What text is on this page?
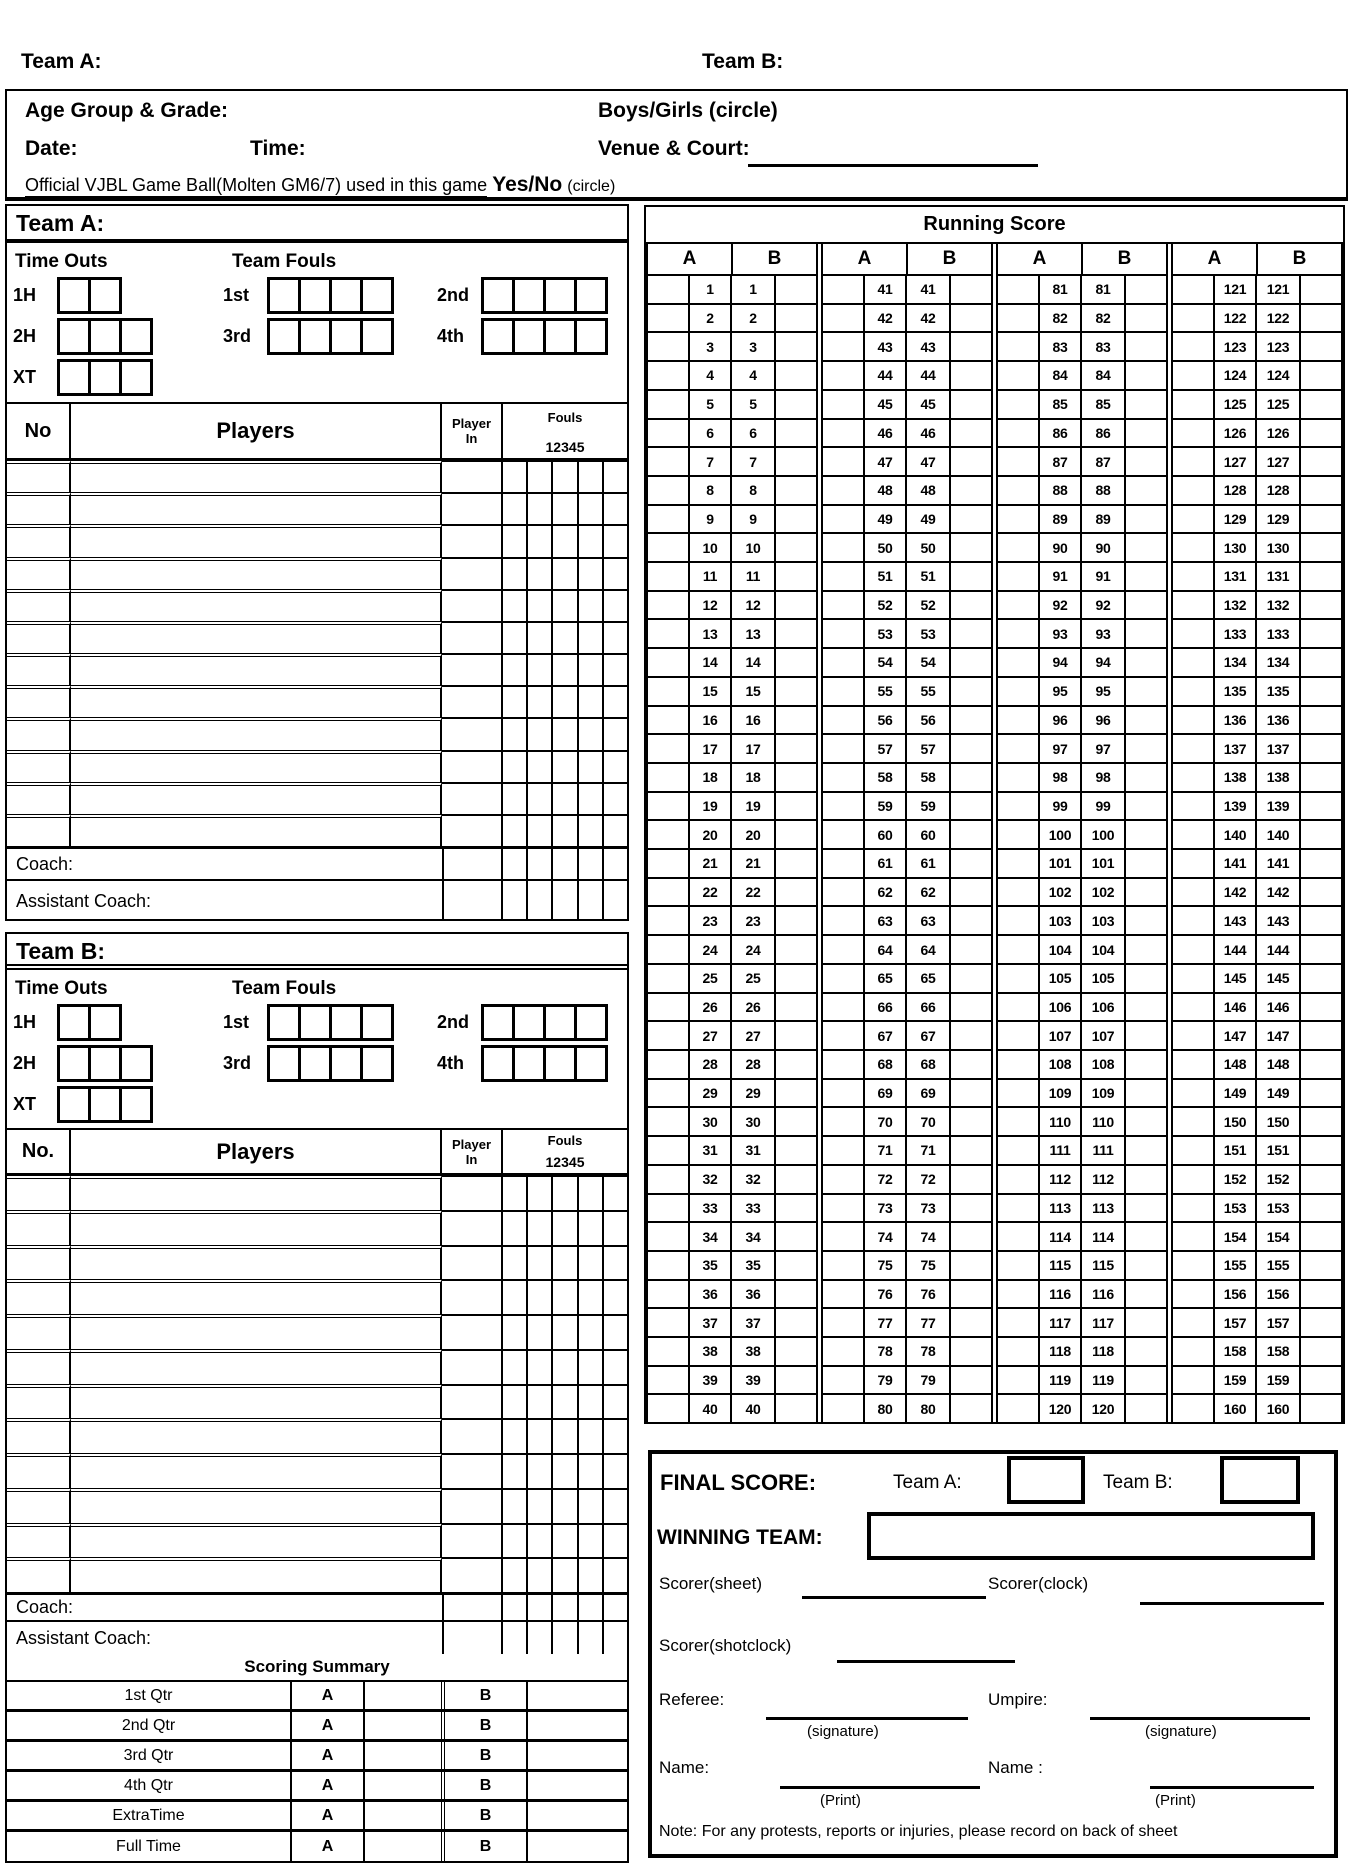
Team A:	Team B:
Age Group & Grade:	Boys/Girls (circle)
Date:	Time:	Venue & Court:
Official VJBL Game Ball(Molten GM6/7) used in this game Yes/No (circle)
Team A:
Time Outs	Team Fouls
1H
2H
XT
1st
3rd
2nd
4th
No	Players	Player
In
Fouls
1 2 3 4 5
Coach:
Assistant Coach:
Team B:
Time Outs	Team Fouls
1H
2H
XT
1st
3rd
2nd
4th
No.	Players	Player
In
Fouls
1 2 3 4 5
Coach:
Assistant Coach:
Scoring Summary
1st Qtr	A	B
2nd Qtr	A	B
3rd Qtr	A	B
4th Qtr	A	B
ExtraTime	A	B
Full Time	A	B
Running Score
A	B
1	1
2	2
3	3
4	4
5	5
6	6
7	7
8	8
9	9
10	10
11	11
12	12
13	13
14	14
15	15
16	16
17	17
18	18
19	19
20	20
21	21
22	22
23	23
24	24
25	25
26	26
27	27
28	28
29	29
30	30
31	31
32	32
33	33
34	34
35	35
36	36
37	37
38	38
39	39
40	40
A	B
41	41
42	42
43	43
44	44
45	45
46	46
47	47
48	48
49	49
50	50
51	51
52	52
53	53
54	54
55	55
56	56
57	57
58	58
59	59
60	60
61	61
62	62
63	63
64	64
65	65
66	66
67	67
68	68
69	69
70	70
71	71
72	72
73	73
74	74
75	75
76	76
77	77
78	78
79	79
80	80
A	B
81	81
82	82
83	83
84	84
85	85
86	86
87	87
88	88
89	89
90	90
91	91
92	92
93	93
94	94
95	95
96	96
97	97
98	98
99	99
100	100
101	101
102	102
103	103
104	104
105	105
106	106
107	107
108	108
109	109
110	110
111	111
112	112
113	113
114	114
115	115
116	116
117	117
118	118
119	119
120	120
A	B
121	121
122	122
123	123
124	124
125	125
126	126
127	127
128	128
129	129
130	130
131	131
132	132
133	133
134	134
135	135
136	136
137	137
138	138
139	139
140	140
141	141
142	142
143	143
144	144
145	145
146	146
147	147
148	148
149	149
150	150
151	151
152	152
153	153
154	154
155	155
156	156
157	157
158	158
159	159
160	160
FINAL SCORE:	Team A:	Team B:
WINNING TEAM:
Scorer(sheet)	Scorer(clock)
Scorer(shotclock)
Referee:
(signature)
Umpire:
(signature)
Name:
(Print)
Name :
(Print)
Note: For any protests, reports or injuries, please record on back of sheet
